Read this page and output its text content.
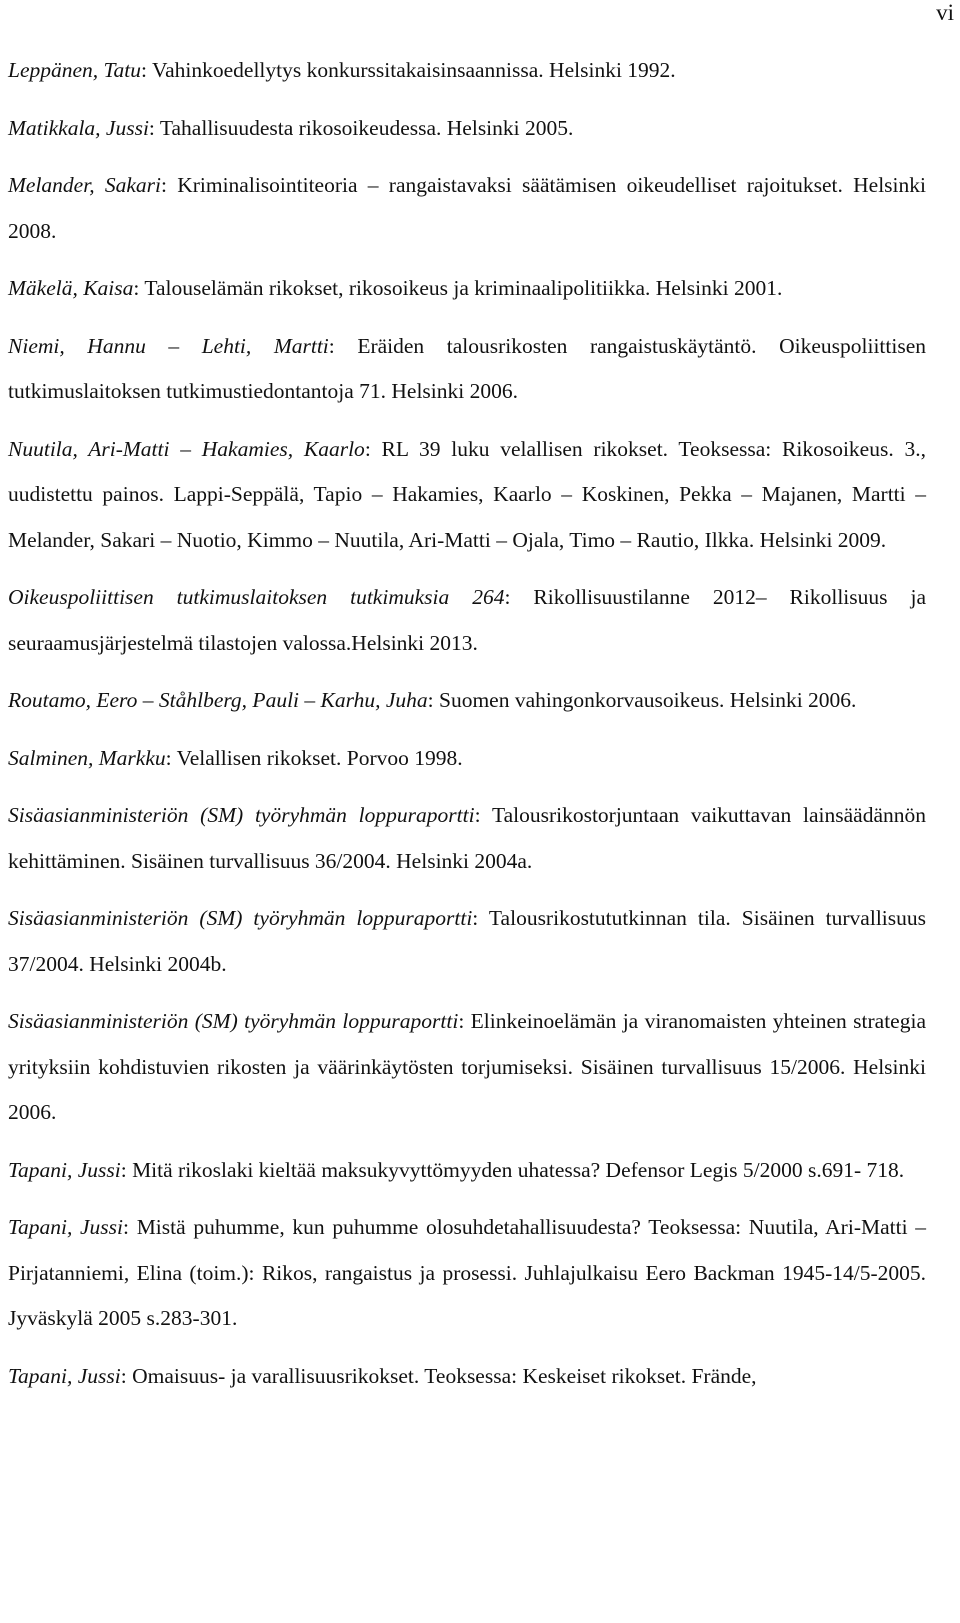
vi

Leppänen, Tatu: Vahinkoedellytys konkurssitakaisinsaannissa. Helsinki 1992.

Matikkala, Jussi: Tahallisuudesta rikosoikeudessa. Helsinki 2005.

Melander, Sakari: Kriminalisointiteoria – rangaistavaksi säätämisen oikeudelliset rajoitukset. Helsinki 2008.

Mäkelä, Kaisa: Talouselämän rikokset, rikosoikeus ja kriminaalipolitiikka. Helsinki 2001.

Niemi, Hannu – Lehti, Martti: Eräiden talousrikosten rangaistuskäytäntö. Oikeuspoliittisen tutkimuslaitoksen tutkimustiedontantoja 71. Helsinki 2006.

Nuutila, Ari-Matti – Hakamies, Kaarlo: RL 39 luku velallisen rikokset. Teoksessa: Rikosoikeus. 3., uudistettu painos. Lappi-Seppälä, Tapio – Hakamies, Kaarlo – Koskinen, Pekka – Majanen, Martti – Melander, Sakari – Nuotio, Kimmo – Nuutila, Ari-Matti – Ojala, Timo – Rautio, Ilkka. Helsinki 2009.

Oikeuspoliittisen tutkimuslaitoksen tutkimuksia 264: Rikollisuustilanne 2012– Rikollisuus ja seuraamusjärjestelmä tilastojen valossa.Helsinki 2013.

Routamo, Eero – Ståhlberg, Pauli – Karhu, Juha: Suomen vahingonkorvausoikeus. Helsinki 2006.

Salminen, Markku: Velallisen rikokset. Porvoo 1998.

Sisäasianministeriön (SM) työryhmän loppuraportti: Talousrikostorjuntaan vaikuttavan lainsäädännön kehittäminen. Sisäinen turvallisuus 36/2004. Helsinki 2004a.

Sisäasianministeriön (SM) työryhmän loppuraportti: Talousrikostututkinnan tila. Sisäinen turvallisuus 37/2004. Helsinki 2004b.

Sisäasianministeriön (SM) työryhmän loppuraportti: Elinkeinoelämän ja viranomaisten yhteinen strategia yrityksiin kohdistuvien rikosten ja väärinkäytösten torjumiseksi. Sisäinen turvallisuus 15/2006. Helsinki 2006.

Tapani, Jussi: Mitä rikoslaki kieltää maksukyvyttömyyden uhatessa? Defensor Legis 5/2000 s.691- 718.

Tapani, Jussi: Mistä puhumme, kun puhumme olosuhdetahallisuudesta? Teoksessa: Nuutila, Ari-Matti – Pirjatanniemi, Elina (toim.): Rikos, rangaistus ja prosessi. Juhlajulkaisu Eero Backman 1945-14/5-2005. Jyväskylä 2005 s.283-301.

Tapani, Jussi: Omaisuus- ja varallisuusrikokset. Teoksessa: Keskeiset rikokset. Frände,
